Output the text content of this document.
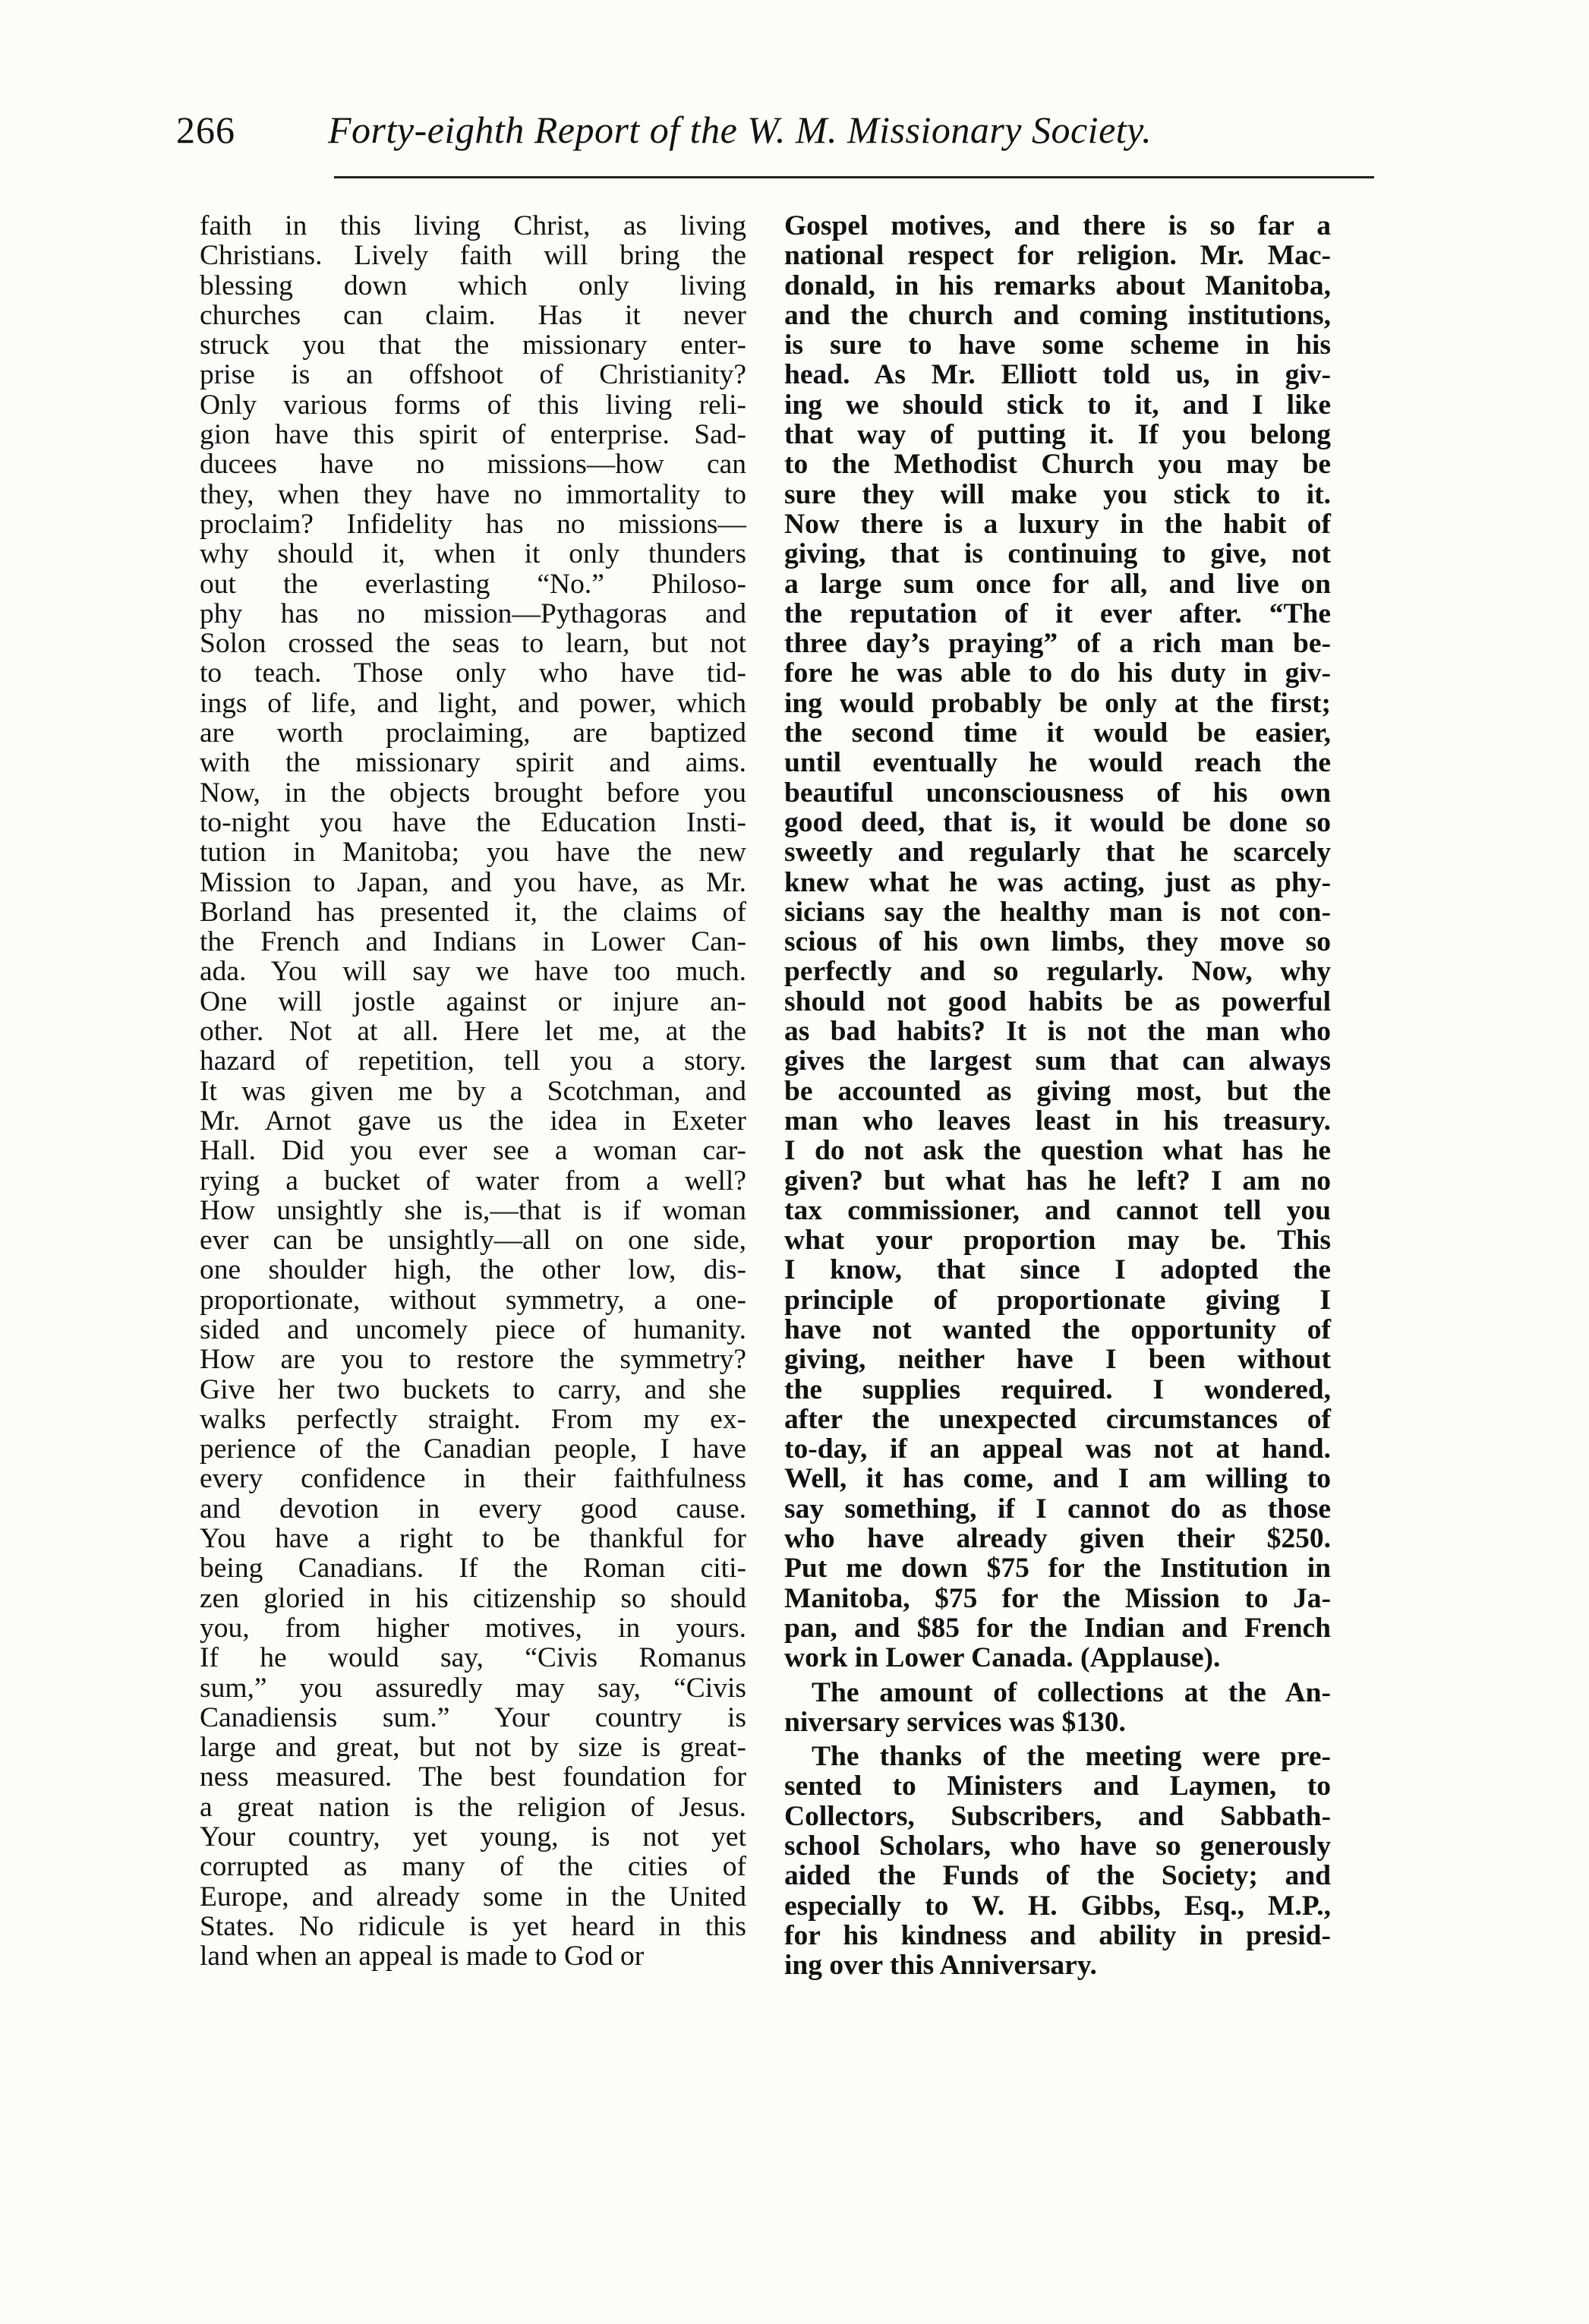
266 Forty-eighth Report of the W. M. Missionary Society.
faith in this living Christ, as living
Christians. Lively faith will bring the
blessing down which only living
churches can claim. Has it never
struck you that the missionary enter-
prise is an offshoot of Christianity?
Only various forms of this living reli-
gion have this spirit of enterprise. Sad-
ducees have no missions—how can
they, when they have no immortality to
proclaim? Infidelity has no missions—
why should it, when it only thunders
out the everlasting “No.” Philoso-
phy has no mission—Pythagoras and
Solon crossed the seas to learn, but not
to teach. Those only who have tid-
ings of life, and light, and power, which
are worth proclaiming, are baptized
with the missionary spirit and aims.
Now, in the objects brought before you
to-night you have the Education Insti-
tution in Manitoba; you have the new
Mission to Japan, and you have, as Mr.
Borland has presented it, the claims of
the French and Indians in Lower Can-
ada. You will say we have too much.
One will jostle against or injure an-
other. Not at all. Here let me, at the
hazard of repetition, tell you a story.
It was given me by a Scotchman, and
Mr. Arnot gave us the idea in Exeter
Hall. Did you ever see a woman car-
rying a bucket of water from a well?
How unsightly she is,—that is if woman
ever can be unsightly—all on one side,
one shoulder high, the other low, dis-
proportionate, without symmetry, a one-
sided and uncomely piece of humanity.
How are you to restore the symmetry?
Give her two buckets to carry, and she
walks perfectly straight. From my ex-
perience of the Canadian people, I have
every confidence in their faithfulness
and devotion in every good cause.
You have a right to be thankful for
being Canadians. If the Roman citi-
zen gloried in his citizenship so should
you, from higher motives, in yours.
If he would say, “Civis Romanus
sum,” you assuredly may say, “Civis
Canadiensis sum.” Your country is
large and great, but not by size is great-
ness measured. The best foundation for
a great nation is the religion of Jesus.
Your country, yet young, is not yet
corrupted as many of the cities of
Europe, and already some in the United
States. No ridicule is yet heard in this
land when an appeal is made to God or
Gospel motives, and there is so far a
national respect for religion. Mr. Mac-
donald, in his remarks about Manitoba,
and the church and coming institutions,
is sure to have some scheme in his
head. As Mr. Elliott told us, in giv-
ing we should stick to it, and I like
that way of putting it. If you belong
to the Methodist Church you may be
sure they will make you stick to it.
Now there is a luxury in the habit of
giving, that is continuing to give, not
a large sum once for all, and live on
the reputation of it ever after. “The
three day’s praying” of a rich man be-
fore he was able to do his duty in giv-
ing would probably be only at the first;
the second time it would be easier,
until eventually he would reach the
beautiful unconsciousness of his own
good deed, that is, it would be done so
sweetly and regularly that he scarcely
knew what he was acting, just as phy-
sicians say the healthy man is not con-
scious of his own limbs, they move so
perfectly and so regularly. Now, why
should not good habits be as powerful
as bad habits? It is not the man who
gives the largest sum that can always
be accounted as giving most, but the
man who leaves least in his treasury.
I do not ask the question what has he
given? but what has he left? I am no
tax commissioner, and cannot tell you
what your proportion may be. This
I know, that since I adopted the
principle of proportionate giving I
have not wanted the opportunity of
giving, neither have I been without
the supplies required. I wondered,
after the unexpected circumstances of
to-day, if an appeal was not at hand.
Well, it has come, and I am willing to
say something, if I cannot do as those
who have already given their $250.
Put me down $75 for the Institution in
Manitoba, $75 for the Mission to Ja-
pan, and $85 for the Indian and French
work in Lower Canada. (Applause).
The amount of collections at the An-
niversary services was $130.
The thanks of the meeting were pre-
sented to Ministers and Laymen, to
Collectors, Subscribers, and Sabbath-
school Scholars, who have so generously
aided the Funds of the Society; and
especially to W. H. Gibbs, Esq., M.P.,
for his kindness and ability in presid-
ing over this Anniversary.
